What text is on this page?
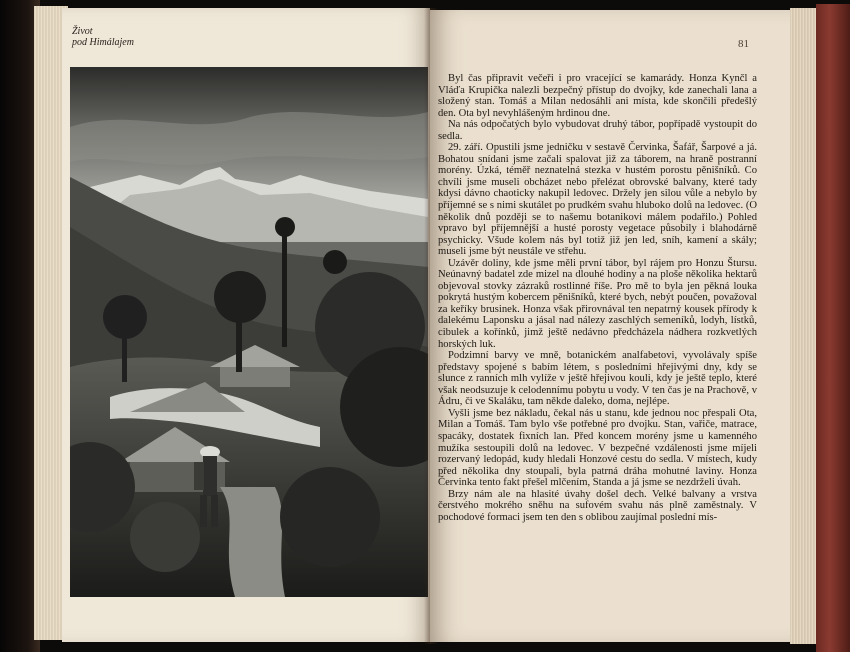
Život
pod Himálajem	81

Byl čas připravit večeři i pro vracející se kamarády. Honza Kynčl a Vláďa Krupička nalezli bezpečný přístup do dvojky, kde zanechali lana a složený stan. Tomáš a Milan nedosáhli ani místa, kde skončili předešlý den. Ota byl nevyhlášeným hrdinou dne.

Na nás odpočatých bylo vybudovat druhý tábor, popřípadě vystoupit do sedla.

29. září. Opustili jsme jedničku v sestavě Červinka, Šafář, Šarpové a já. Bohatou snídani jsme začali spalovat již za táborem, na hraně postranní morény. Úzká, téměř neznatelná stezka v hustém porostu pěnišníků. Co chvíli jsme museli obcházet nebo přelézat obrovské balvany, které tady kdysi dávno chaoticky nakupil ledovec. Držely jen silou vůle a nebylo by příjemné se s nimi skutálet po prudkém svahu hluboko dolů na ledovec. (O několik dnů později se to našemu botanikovi málem podařilo.) Pohled vpravo byl příjemnější a husté porosty vegetace působily i blahodárně psychicky. Všude kolem nás byl totiž již jen led, sníh, kamení a skály; museli jsme být neustále ve střehu.

Uzávěr doliny, kde jsme měli první tábor, byl rájem pro Honzu Štursu. Neúnavný badatel zde mizel na dlouhé hodiny a na ploše několika hektarů objevoval stovky zázraků rostlinné říše. Pro mě to byla jen pěkná louka pokrytá hustým kobercem pěnišníků, které bych, nebýt poučen, považoval za keříky brusinek. Honza však přirovnával ten nepatrný kousek přírody k dalekému Laponsku a jásal nad nálezy zaschlých semeníků, lodyh, lístků, cibulek a kořínků, jimž ještě nedávno předcházela nádhera rozkvetlých horských luk.

Podzimní barvy ve mně, botanickém analfabetovi, vyvolávaly spíše představy spojené s babím létem, s posledními hřejivými dny, kdy se slunce z ranních mlh vylíže v ještě hřejivou kouli, kdy je ještě teplo, které však neodsuzuje k celodennímu pobytu u vody. V ten čas je na Prachově, v Ádru, či ve Skaláku, tam někde daleko, doma, nejlépe.

Vyšli jsme bez nákladu, čekal nás u stanu, kde jednou noc přespali Ota, Milan a Tomáš. Tam bylo vše potřebné pro dvojku. Stan, vařiče, matrace, spacáky, dostatek fixních lan. Před koncem morény jsme u kamenného mužíka sestoupili dolů na ledovec. V bezpečné vzdálenosti jsme míjeli rozervaný ledopád, kudy hledali Honzové cestu do sedla. V místech, kudy před několika dny stoupali, byla patrná dráha mohutné laviny. Honza Červinka tento fakt přešel mlčením, Standa a já jsme se nezdrželi úvah.

Brzy nám ale na hlasité úvahy došel dech. Velké balvany a vrstva čerstvého mokrého sněhu na sufovém svahu nás plně zaměstnaly. V pochodové formaci jsem ten den s oblibou zaujímal poslední mís-
